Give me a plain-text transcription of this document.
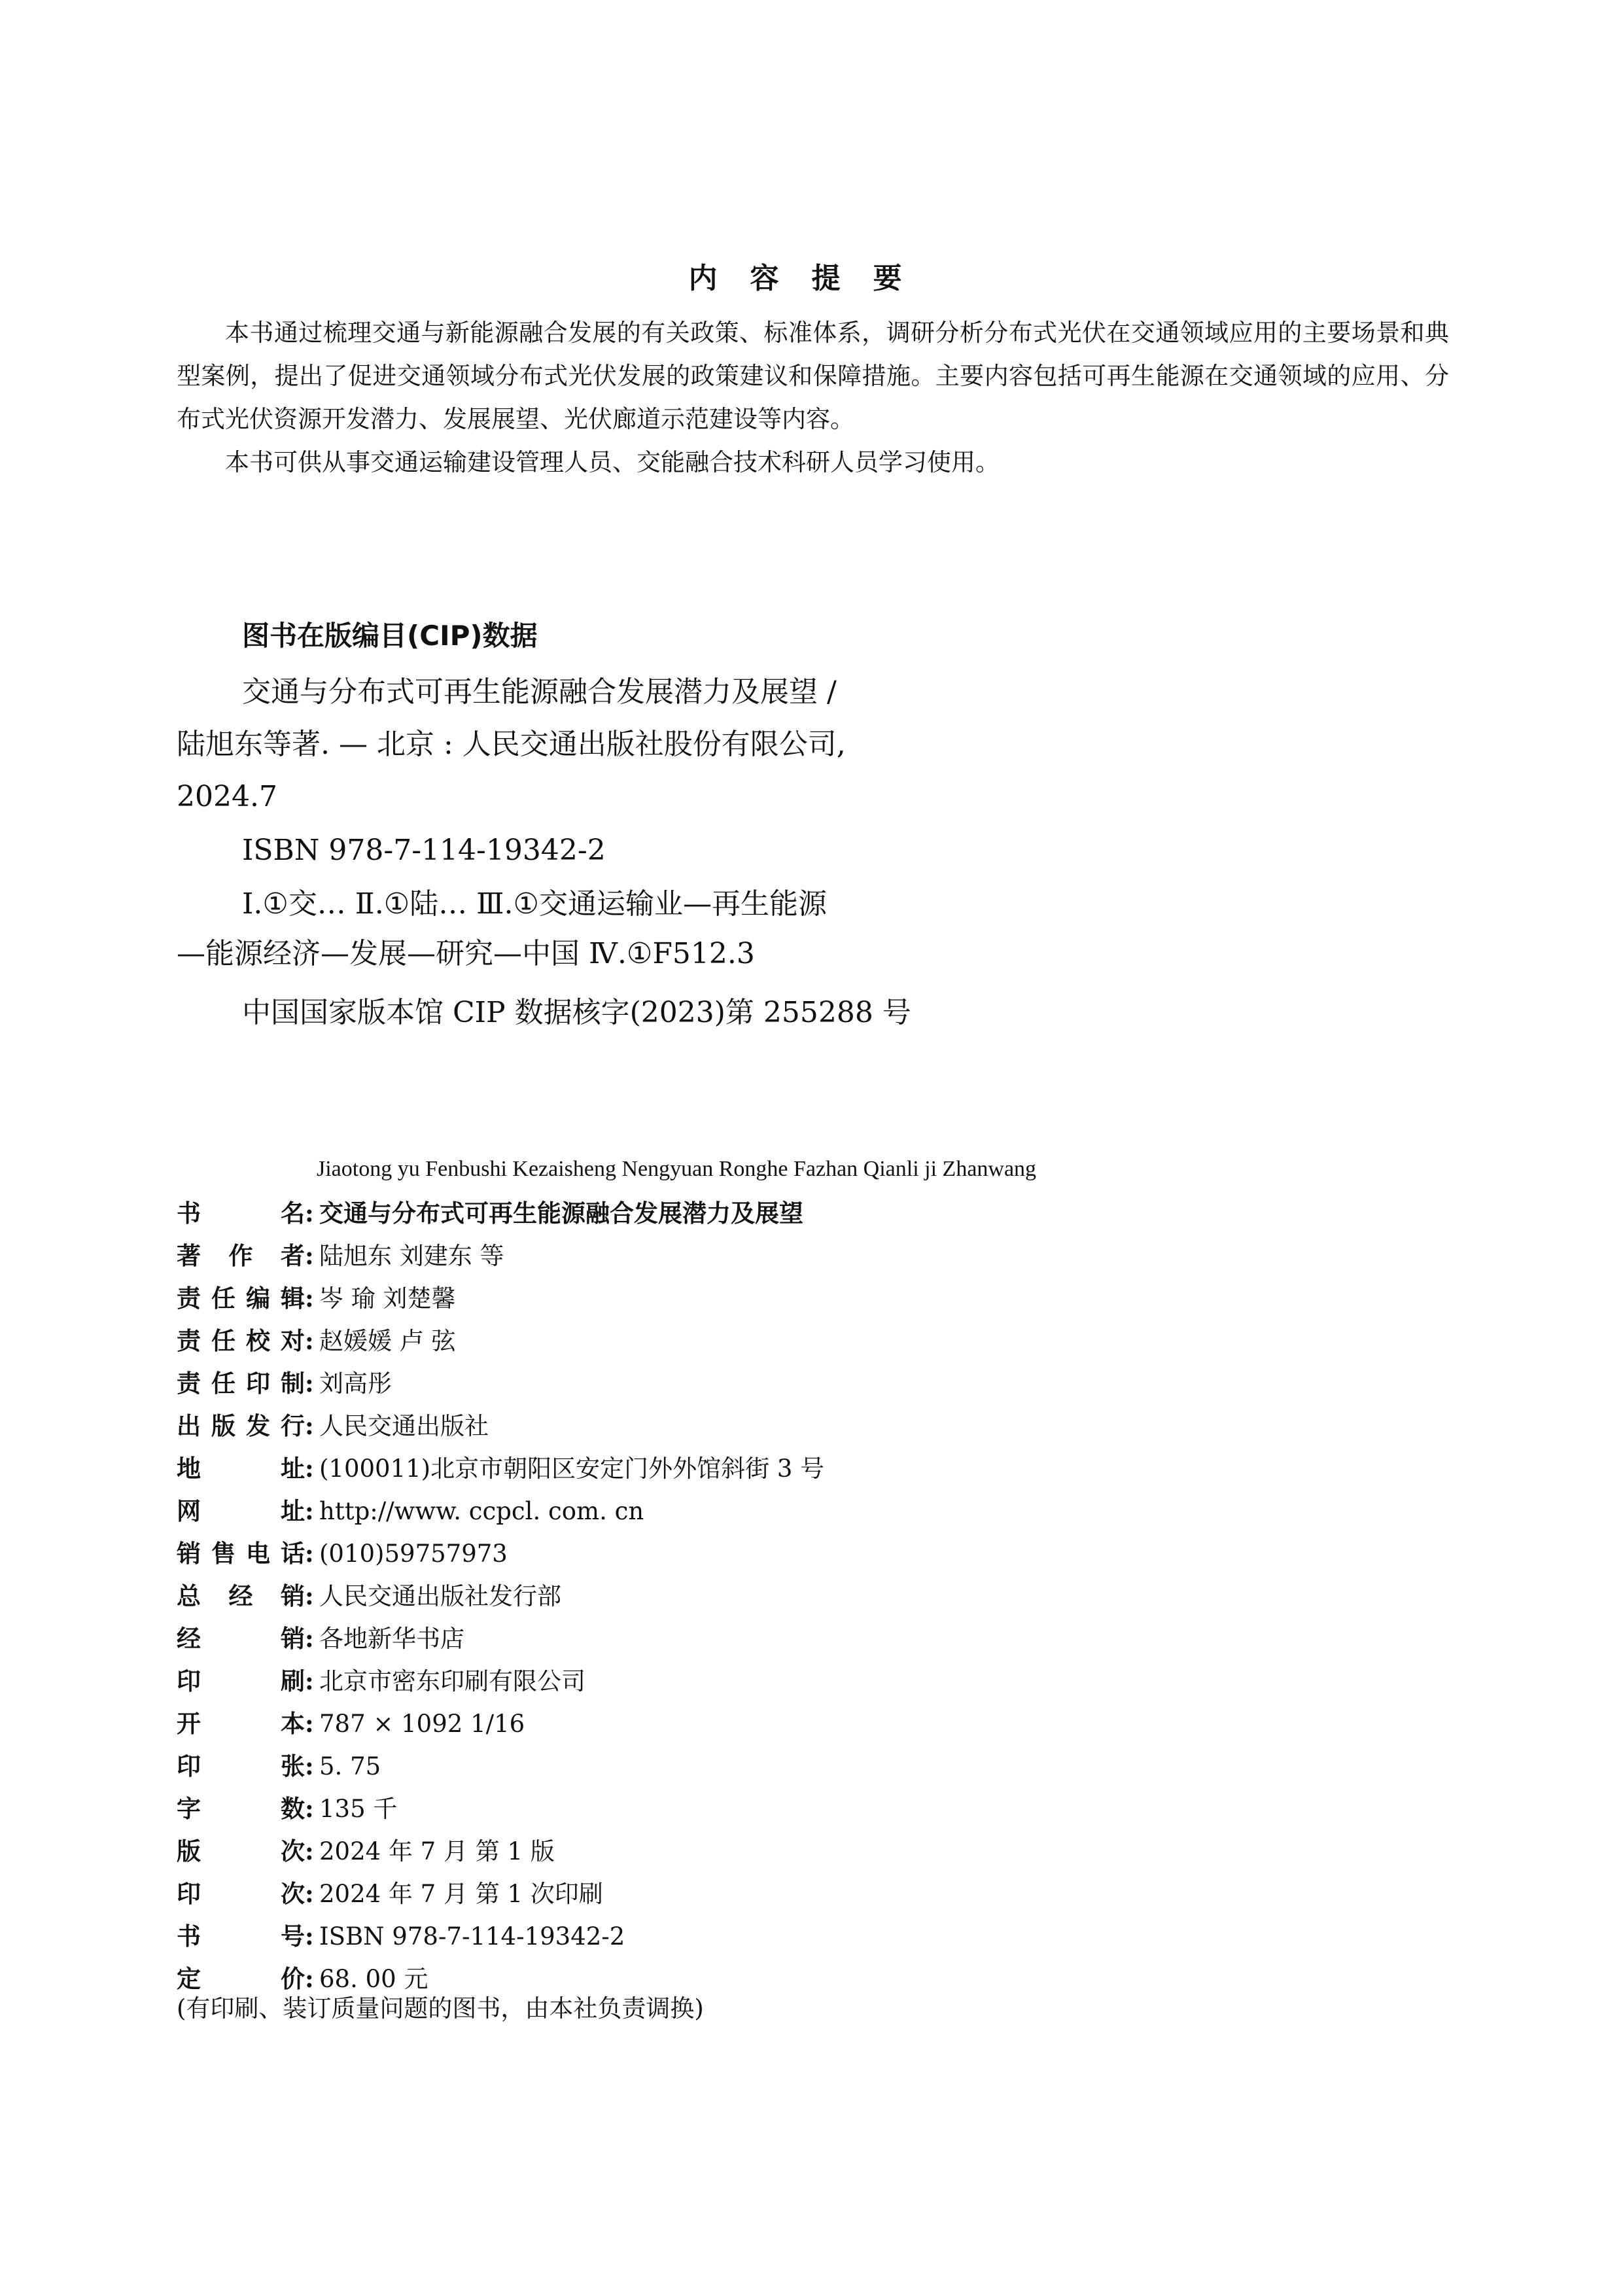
内容提要
本书通过梳理交通与新能源融合发展的有关政策、标准体系，调研分析分布式光伏在交通领域应用的主要场景和典型案例，提出了促进交通领域分布式光伏发展的政策建议和保障措施。主要内容包括可再生能源在交通领域的应用、分布式光伏资源开发潜力、发展展望、光伏廊道示范建设等内容。
本书可供从事交通运输建设管理人员、交能融合技术科研人员学习使用。
图书在版编目(CIP)数据
交通与分布式可再生能源融合发展潜力及展望 /
陆旭东等著. — 北京 : 人民交通出版社股份有限公司,
2024.7
ISBN 978-7-114-19342-2
Ⅰ.①交… Ⅱ.①陆… Ⅲ.①交通运输业—再生能源
—能源经济—发展—研究—中国 Ⅳ.①F512.3
中国国家版本馆 CIP 数据核字(2023)第 255288 号
Jiaotong yu Fenbushi Kezaisheng Nengyuan Ronghe Fazhan Qianli ji Zhanwang
书	名 : 交通与分布式可再生能源融合发展潜力及展望
著 作 者 : 陆旭东 刘建东 等
责 任 编 辑 : 岑 瑜 刘楚馨
责 任 校 对 : 赵媛媛 卢 弦
责 任 印 制 : 刘高彤
出 版 发 行 : 人民交通出版社
地	址 : (100011)北京市朝阳区安定门外外馆斜街 3 号
网	址 : http://www. ccpcl. com. cn
销 售 电 话 : (010)59757973
总 经 销 : 人民交通出版社发行部
经	销 : 各地新华书店
印	刷 : 北京市密东印刷有限公司
开	本 : 787 × 1092 1/16
印	张 : 5. 75
字	数 : 135 千
版	次 : 2024 年 7 月 第 1 版
印	次 : 2024 年 7 月 第 1 次印刷
书	号 : ISBN 978-7-114-19342-2
定	价 : 68. 00 元
(有印刷、装订质量问题的图书，由本社负责调换)
